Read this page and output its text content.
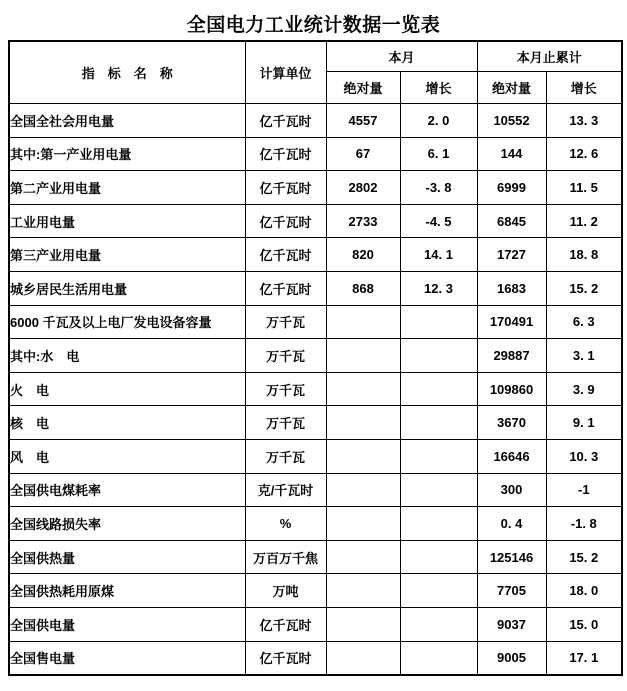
全国电力工业统计数据一览表
指　标　名　称	计算单位	本月		本月止累计	
		绝对量	增长	绝对量	增长
全国全社会用电量	亿千瓦时	4557	2. 0	10552	13. 3
其中:第一产业用电量	亿千瓦时	67	6. 1	144	12. 6
第二产业用电量	亿千瓦时	2802	-3. 8	6999	11. 5
工业用电量	亿千瓦时	2733	-4. 5	6845	11. 2
第三产业用电量	亿千瓦时	820	14. 1	1727	18. 8
城乡居民生活用电量	亿千瓦时	868	12. 3	1683	15. 2
6000 千瓦及以上电厂发电设备容量	万千瓦			170491	6. 3
其中:水　电	万千瓦			29887	3. 1
火　电	万千瓦			109860	3. 9
核　电	万千瓦			3670	9. 1
风　电	万千瓦			16646	10. 3
全国供电煤耗率	克/千瓦时			300	-1
全国线路损失率	%			0. 4	-1. 8
全国供热量	万百万千焦			125146	15. 2
全国供热耗用原煤	万吨			7705	18. 0
全国供电量	亿千瓦时			9037	15. 0
全国售电量	亿千瓦时			9005	17. 1
